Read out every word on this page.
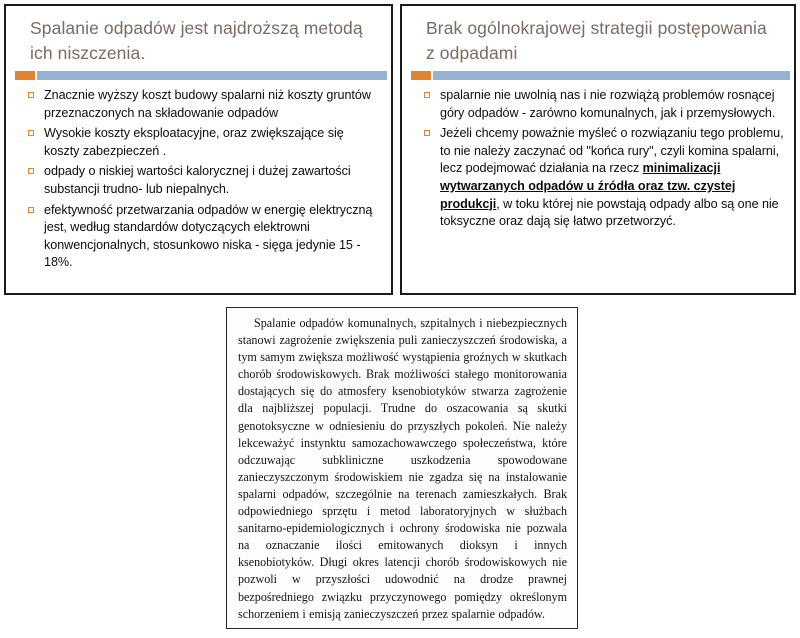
Spalanie odpadów jest najdroższą metodą ich niszczenia.
Znacznie wyższy koszt budowy spalarni niż koszty gruntów przeznaczonych na składowanie odpadów
Wysokie koszty eksploatacyjne, oraz zwiększające się koszty zabezpieczeń .
odpady o niskiej wartości kalorycznej i dużej zawartości substancji trudno- lub niepalnych.
efektywność przetwarzania odpadów w energię elektryczną jest, według standardów dotyczących elektrowni konwencjonalnych, stosunkowo niska - sięga jedynie 15 - 18%.
Brak ogólnokrajowej strategii postępowania z odpadami
spalarnie nie uwolnią nas i nie rozwiążą problemów rosnącej góry odpadów - zarówno komunalnych, jak i przemysłowych.
Jeżeli chcemy poważnie myśleć o rozwiązaniu tego problemu, to nie należy zaczynać od "końca rury", czyli komina spalarni, lecz podejmować działania na rzecz minimalizacji wytwarzanych odpadów u źródła oraz tzw. czystej produkcji, w toku której nie powstają odpady albo są one nie toksyczne oraz dają się łatwo przetworzyć.

Spalanie odpadów komunalnych, szpitalnych i niebezpiecznych stanowi zagrożenie zwiększenia puli zanieczyszczeń środowiska, a tym samym zwiększa możliwość wystąpienia groźnych w skutkach chorób środowiskowych. Brak możliwości stałego monitorowania dostających się do atmosfery ksenobiotyków stwarza zagrożenie dla najbliższej populacji. Trudne do oszacowania są skutki genotoksyczne w odniesieniu do przyszłych pokoleń. Nie należy lekceważyć instynktu samozachowawczego społeczeństwa, które odczuwając subkliniczne uszkodzenia spowodowane zanieczyszczonym środowiskiem nie zgadza się na instalowanie spalarni odpadów, szczególnie na terenach zamieszkałych. Brak odpowiedniego sprzętu i metod laboratoryjnych w służbach sanitarno-epidemiologicznych i ochrony środowiska nie pozwala na oznaczanie ilości emitowanych dioksyn i innych ksenobiotyków. Długi okres latencji chorób środowiskowych nie pozwoli w przyszłości udowodnić na drodze prawnej bezpośredniego związku przyczynowego pomiędzy określonym schorzeniem i emisją zanieczyszczeń przez spalarnie odpadów.
